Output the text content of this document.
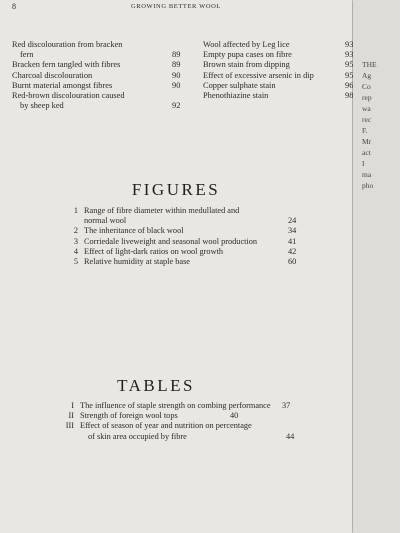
8	GROWING BETTER WOOL
Red discolouration from bracken
fern	89
Bracken fern tangled with fibres	89
Charcoal discolouration	90
Burnt material amongst fibres	90
Red-brown discolouration caused
by sheep ked	92
Wool affected by Leg lice	93
Empty pupa cases on fibre	93
Brown stain from dipping	95
Effect of excessive arsenic in dip	95
Copper sulphate stain	96
Phenothiazine stain	98
FIGURES
1 Range of fibre diameter within medullated and
normal wool	24
2 The inheritance of black wool	34
3 Corriedale liveweight and seasonal wool production	41
4 Effect of light-dark ratios on wool growth	42
5 Relative humidity at staple base	60
TABLES
I The influence of staple strength on combing performance	37
II Strength of foreign wool tops	40
III Effect of season of year and nutrition on percentage
of skin area occupied by fibre	44
THE
Ag
Co
rep
wa
rec
F.
Mr
act
I
ma
pho
